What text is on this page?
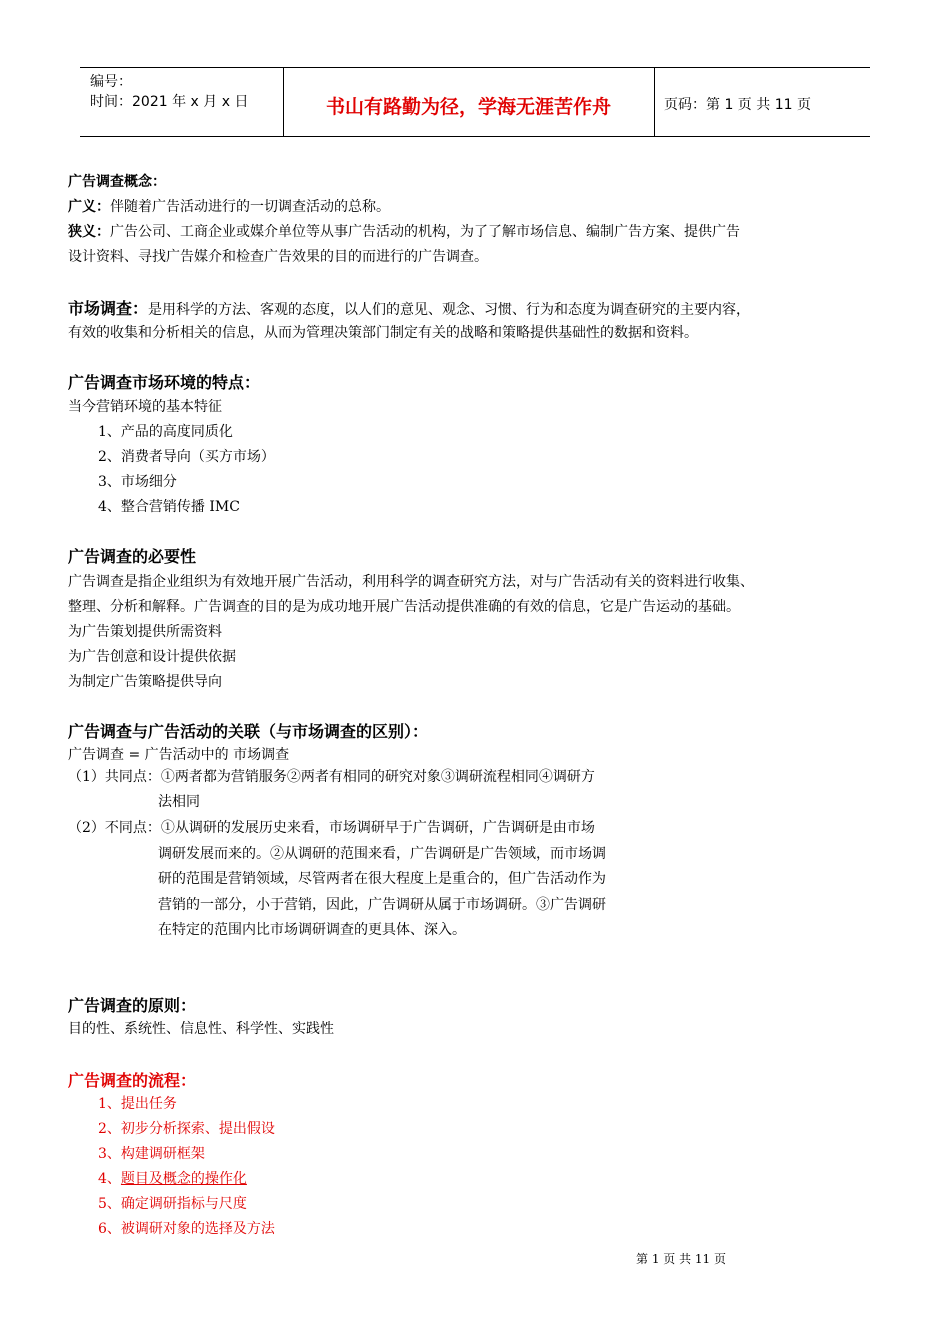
编号：
时间：2021 年 x 月 x 日	书山有路勤为径，学海无涯苦作舟	页码：第 1 页 共 11 页
广告调查概念：
广义：伴随着广告活动进行的一切调查活动的总称。
狭义：广告公司、工商企业或媒介单位等从事广告活动的机构，为了了解市场信息、编制广告方案、提供广告
设计资料、寻找广告媒介和检查广告效果的目的而进行的广告调查。
市场调查：是用科学的方法、客观的态度，以人们的意见、观念、习惯、行为和态度为调查研究的主要内容，
有效的收集和分析相关的信息，从而为管理决策部门制定有关的战略和策略提供基础性的数据和资料。
广告调查市场环境的特点：
当今营销环境的基本特征
1、产品的高度同质化
2、消费者导向（买方市场）
3、市场细分
4、整合营销传播 IMC
广告调查的必要性
广告调查是指企业组织为有效地开展广告活动，利用科学的调查研究方法，对与广告活动有关的资料进行收集、
整理、分析和解释。广告调查的目的是为成功地开展广告活动提供准确的有效的信息，它是广告运动的基础。
为广告策划提供所需资料
为广告创意和设计提供依据
为制定广告策略提供导向
广告调查与广告活动的关联（与市场调查的区别）：
广告调查 = 广告活动中的 市场调查
（1）共同点：①两者都为营销服务②两者有相同的研究对象③调研流程相同④调研方
法相同
（2）不同点：①从调研的发展历史来看，市场调研早于广告调研，广告调研是由市场
调研发展而来的。②从调研的范围来看，广告调研是广告领域，而市场调
研的范围是营销领域，尽管两者在很大程度上是重合的，但广告活动作为
营销的一部分，小于营销，因此，广告调研从属于市场调研。③广告调研
在特定的范围内比市场调研调查的更具体、深入。
广告调查的原则：
目的性、系统性、信息性、科学性、实践性
广告调查的流程：
1、提出任务
2、初步分析探索、提出假设
3、构建调研框架
4、题目及概念的操作化
5、确定调研指标与尺度
6、被调研对象的选择及方法
第 1 页 共 11 页
